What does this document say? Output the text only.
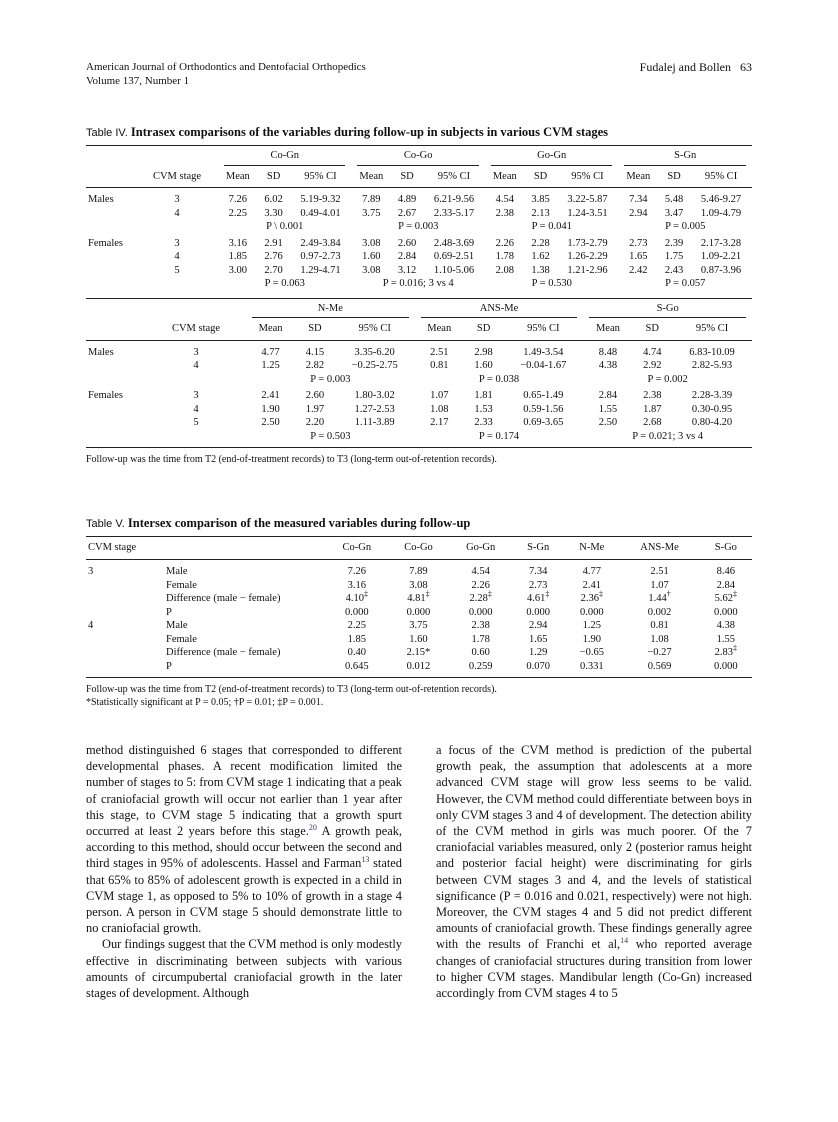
American Journal of Orthodontics and Dentofacial Orthopedics
Volume 137, Number 1
Fudalej and Bollen 63
Table IV. Intrasex comparisons of the variables during follow-up in subjects in various CVM stages

		Co-Gn			Co-Go			Go-Gn			S-Gn		

	CVM stage	Mean	SD	95% CI	Mean	SD	95% CI	Mean	SD	95% CI	Mean	SD	95% CI
Males	3	7.26	6.02	5.19-9.32	7.89	4.89	6.21-9.56	4.54	3.85	3.22-5.87	7.34	5.48	5.46-9.27
	4	2.25	3.30	0.49-4.01	3.75	2.67	2.33-5.17	2.38	2.13	1.24-3.51	2.94	3.47	1.09-4.79
		P \ 0.001			P = 0.003			P = 0.041			P = 0.005		
Females	3	3.16	2.91	2.49-3.84	3.08	2.60	2.48-3.69	2.26	2.28	1.73-2.79	2.73	2.39	2.17-3.28
	4	1.85	2.76	0.97-2.73	1.60	2.84	0.69-2.51	1.78	1.62	1.26-2.29	1.65	1.75	1.09-2.21
	5	3.00	2.70	1.29-4.71	3.08	3.12	1.10-5.06	2.08	1.38	1.21-2.96	2.42	2.43	0.87-3.96
		P = 0.063			P = 0.016; 3 vs 4			P = 0.530			P = 0.057		

		N-Me			ANS-Me			S-Go		

	CVM stage	Mean	SD	95% CI	Mean	SD	95% CI	Mean	SD	95% CI
Males	3	4.77	4.15	3.35-6.20	2.51	2.98	1.49-3.54	8.48	4.74	6.83-10.09
	4	1.25	2.82	−0.25-2.75	0.81	1.60	−0.04-1.67	4.38	2.92	2.82-5.93
		P = 0.003			P = 0.038			P = 0.002		
Females	3	2.41	2.60	1.80-3.02	1.07	1.81	0.65-1.49	2.84	2.38	2.28-3.39
	4	1.90	1.97	1.27-2.53	1.08	1.53	0.59-1.56	1.55	1.87	0.30-0.95
	5	2.50	2.20	1.11-3.89	2.17	2.33	0.69-3.65	2.50	2.68	0.80-4.20
		P = 0.503			P = 0.174			P = 0.021; 3 vs 4		
Follow-up was the time from T2 (end-of-treatment records) to T3 (long-term out-of-retention records).
Table V. Intersex comparison of the measured variables during follow-up
CVM stage		Co-Gn	Co-Go	Go-Gn	S-Gn	N-Me	ANS-Me	S-Go
3	Male	7.26	7.89	4.54	7.34	4.77	2.51	8.46
	Female	3.16	3.08	2.26	2.73	2.41	1.07	2.84
	Difference (male − female)	4.10‡	4.81‡	2.28‡	4.61‡	2.36‡	1.44†	5.62‡
	P	0.000	0.000	0.000	0.000	0.000	0.002	0.000
4	Male	2.25	3.75	2.38	2.94	1.25	0.81	4.38
	Female	1.85	1.60	1.78	1.65	1.90	1.08	1.55
	Difference (male − female)	0.40	2.15*	0.60	1.29	−0.65	−0.27	2.83‡
	P	0.645	0.012	0.259	0.070	0.331	0.569	0.000
Follow-up was the time from T2 (end-of-treatment records) to T3 (long-term out-of-retention records).
*Statistically significant at P = 0.05; †P = 0.01; ‡P = 0.001.

method distinguished 6 stages that corresponded to different developmental phases. A recent modification limited the number of stages to 5: from CVM stage 1 indicating that a peak of craniofacial growth will occur not earlier than 1 year after this stage, to CVM stage 5 indicating that a growth spurt occurred at least 2 years before this stage.$^{20}$ A growth peak, according to this method, should occur between the second and third stages in 95% of adolescents. Hassel and Farman$^{13}$ stated that 65% to 85% of adolescent growth is expected in a child in CVM stage 1, as opposed to 5% to 10% of growth in a stage 4 person. A person in CVM stage 5 should demonstrate little to no craniofacial growth.

Our findings suggest that the CVM method is only modestly effective in discriminating between subjects with various amounts of circumpubertal craniofacial growth in the later stages of development. Although

a focus of the CVM method is prediction of the pubertal growth peak, the assumption that adolescents at a more advanced CVM stage will grow less seems to be valid. However, the CVM method could differentiate between boys in only CVM stages 3 and 4 of development. The detection ability of the CVM method in girls was much poorer. Of the 7 craniofacial variables measured, only 2 (posterior ramus height and posterior facial height) were discriminating for girls between CVM stages 3 and 4, and the levels of statistical significance (P = 0.016 and 0.021, respectively) were not high. Moreover, the CVM stages 4 and 5 did not predict different amounts of craniofacial growth. These findings generally agree with the results of Franchi et al,$^{14}$ who reported average changes of craniofacial structures during transition from lower to higher CVM stages. Mandibular length (Co-Gn) increased accordingly from CVM stages 4 to 5
